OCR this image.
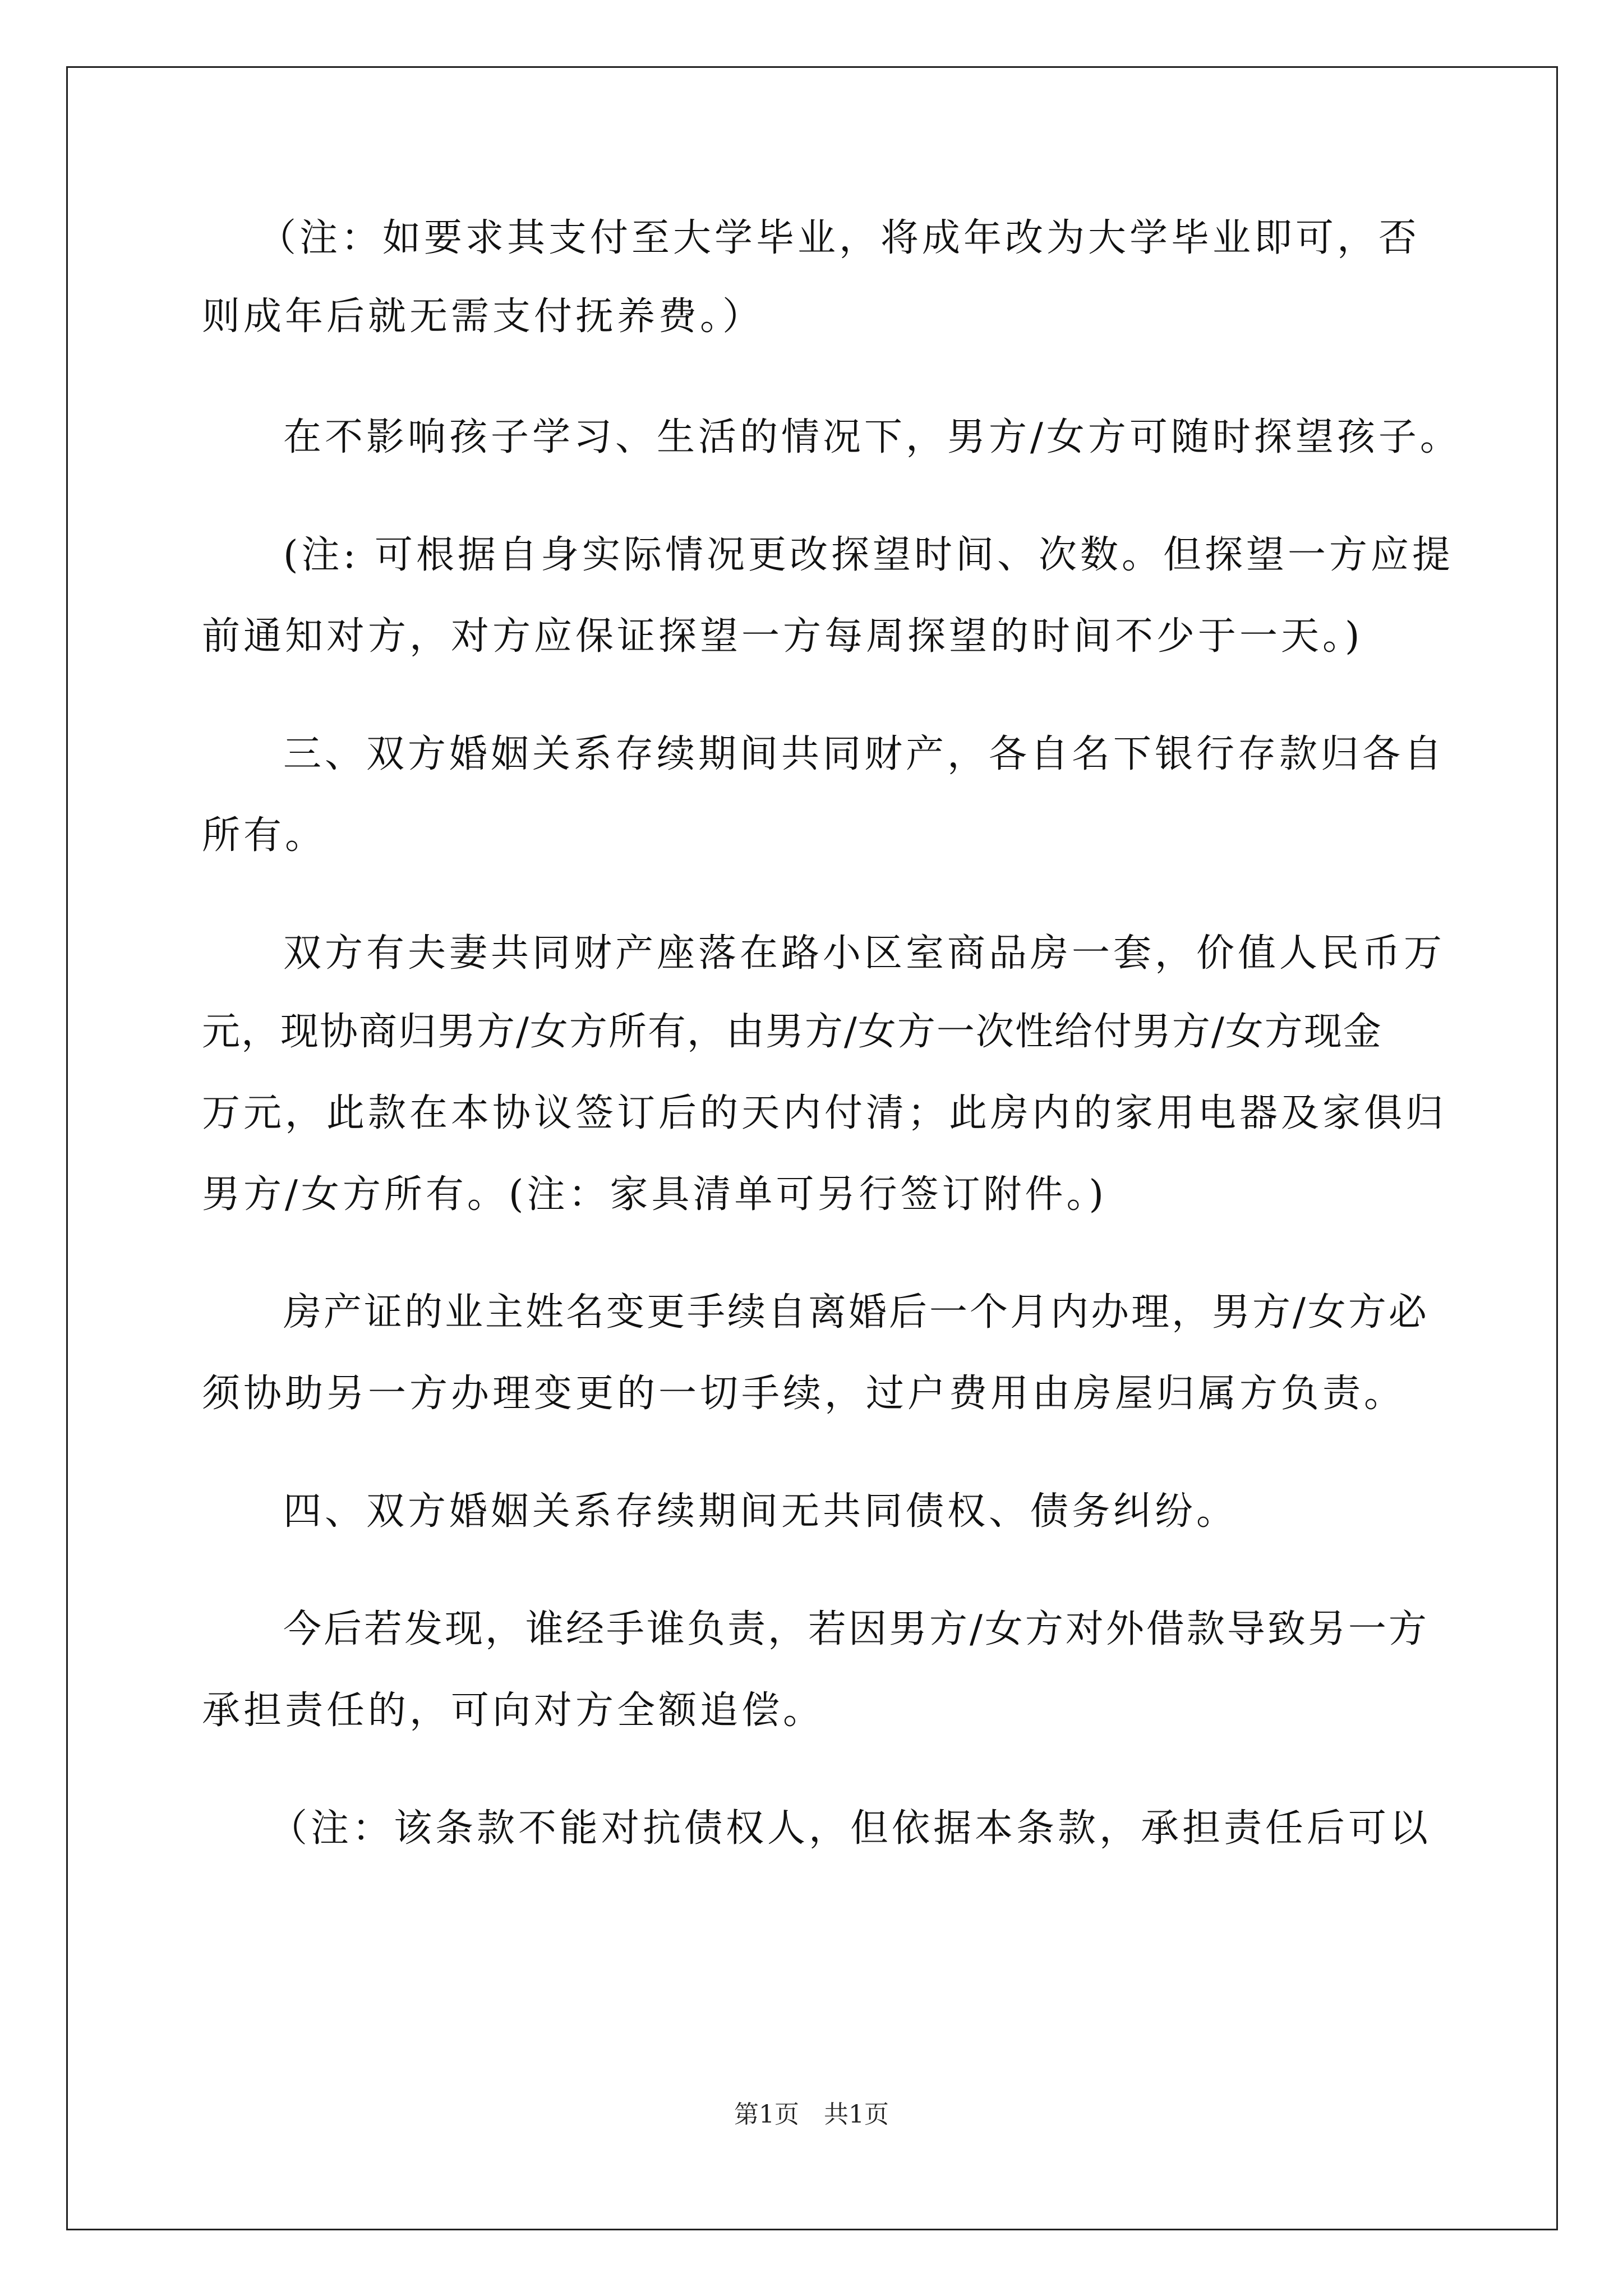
（注：如要求其支付至大学毕业，将成年改为大学毕业即可，否
则成年后就无需支付抚养费。）
在不影响孩子学习、生活的情况下，男方/女方可随时探望孩子。
(注: 可根据自身实际情况更改探望时间、次数。但探望一方应提
前通知对方，对方应保证探望一方每周探望的时间不少于一天。)
三、双方婚姻关系存续期间共同财产，各自名下银行存款归各自
所有。
双方有夫妻共同财产座落在路小区室商品房一套，价值人民币万
元，现协商归男方/女方所有，由男方/女方一次性给付男方/女方现金
万元，此款在本协议签订后的天内付清；此房内的家用电器及家俱归
男方/女方所有。(注：家具清单可另行签订附件。)
房产证的业主姓名变更手续自离婚后一个月内办理，男方/女方必
须协助另一方办理变更的一切手续，过户费用由房屋归属方负责。
四、双方婚姻关系存续期间无共同债权、债务纠纷。
今后若发现，谁经手谁负责，若因男方/女方对外借款导致另一方
承担责任的，可向对方全额追偿。
（注：该条款不能对抗债权人，但依据本条款，承担责任后可以
第1页　共1页
